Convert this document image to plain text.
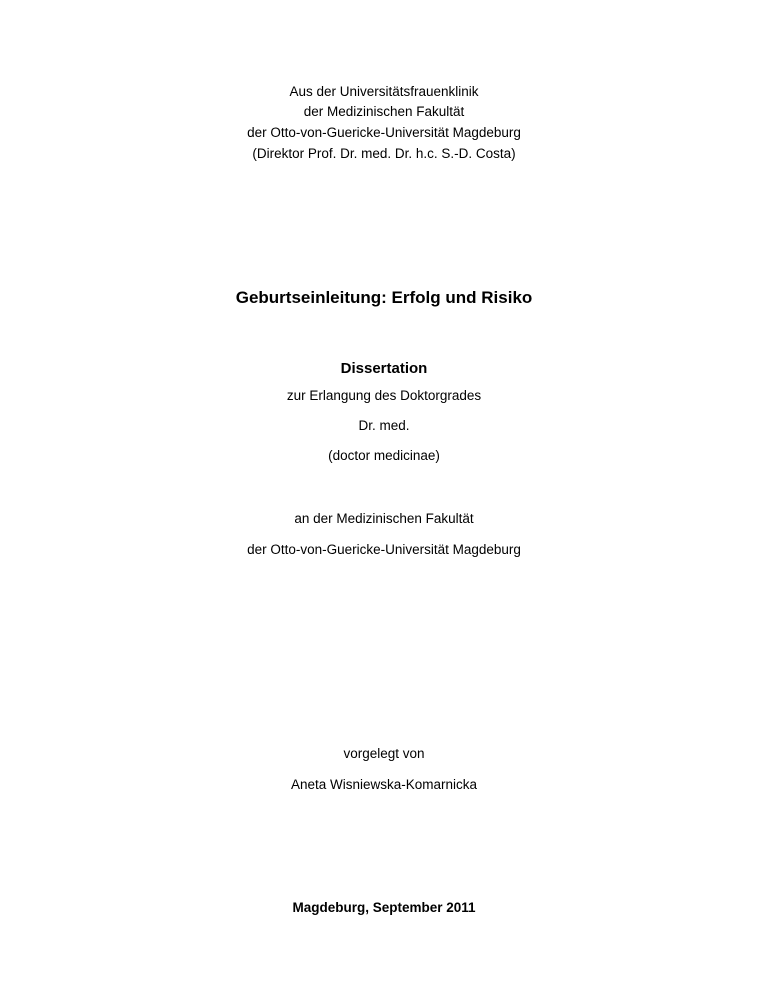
Aus der Universitätsfrauenklinik
der Medizinischen Fakultät
der Otto-von-Guericke-Universität Magdeburg
(Direktor Prof. Dr. med. Dr. h.c. S.-D. Costa)
Geburtseinleitung: Erfolg und Risiko
Dissertation
zur Erlangung des Doktorgrades
Dr. med.
(doctor medicinae)
an der Medizinischen Fakultät
der Otto-von-Guericke-Universität Magdeburg
vorgelegt von
Aneta Wisniewska-Komarnicka
Magdeburg, September 2011
